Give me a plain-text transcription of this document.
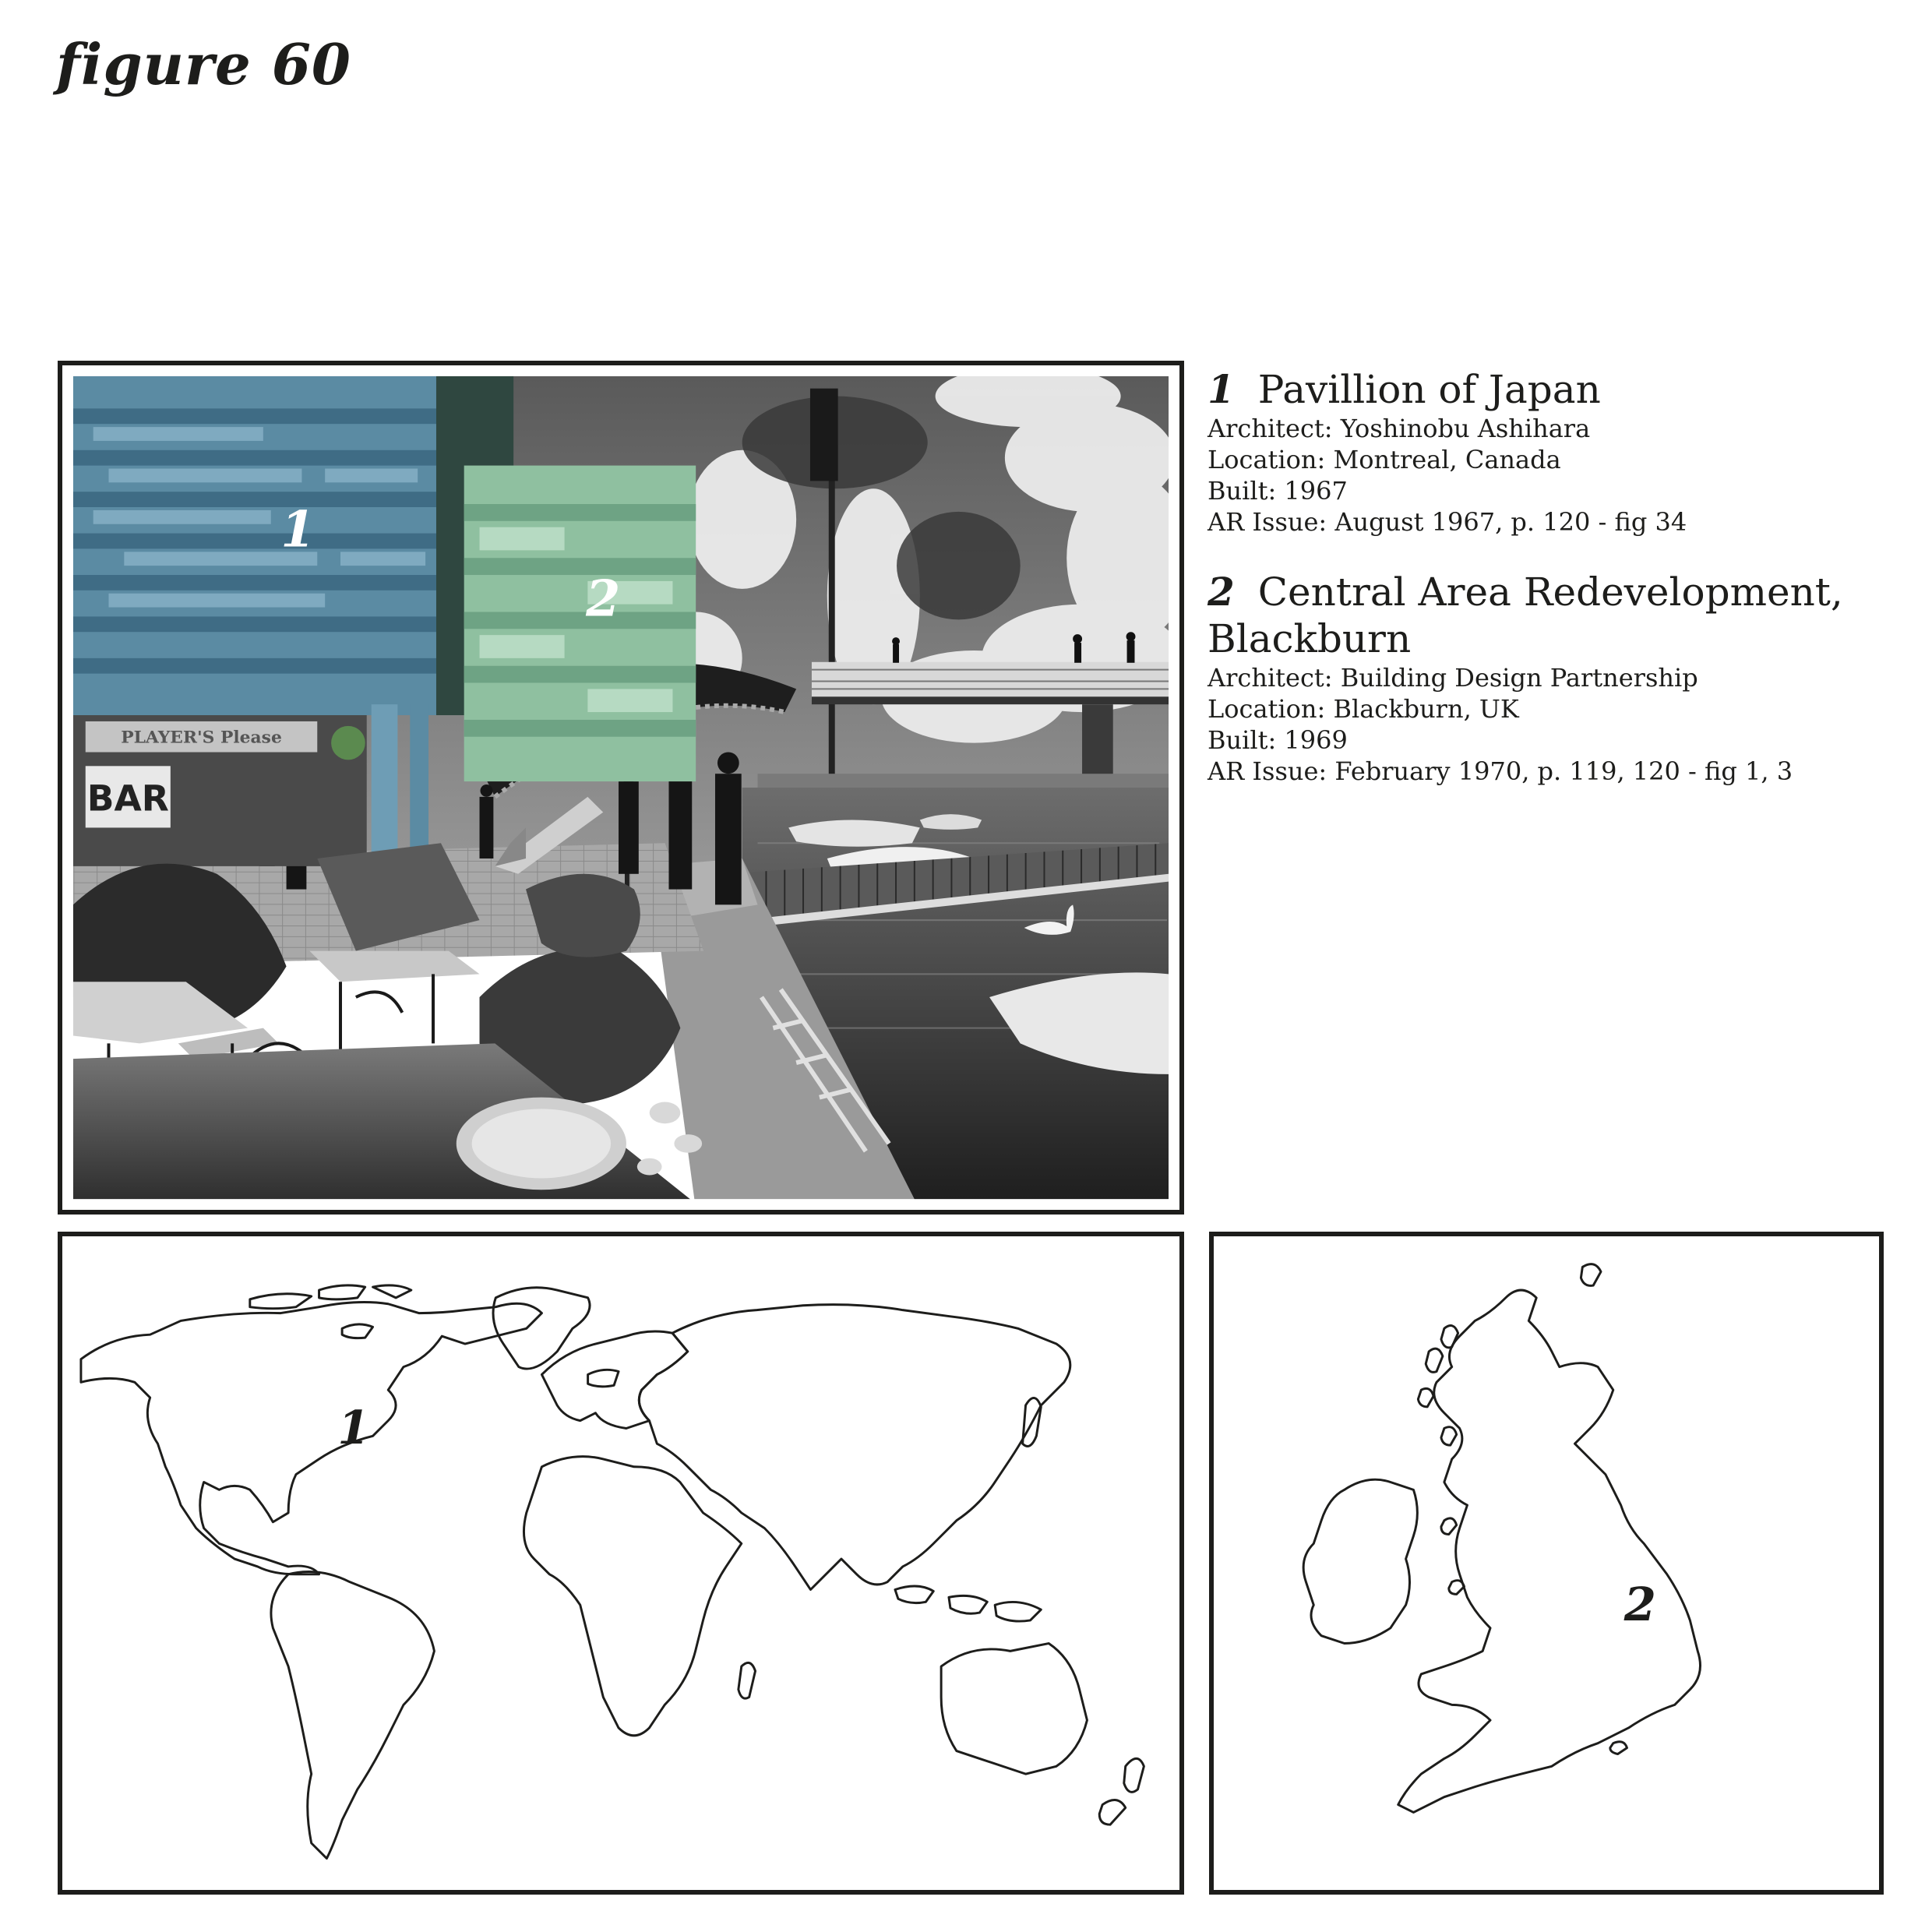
figure 60
PLAYER'S Please
BAR
1
2
1 Pavillion of Japan
Architect: Yoshinobu Ashihara
Location: Montreal, Canada
Built: 1967
AR Issue: August 1967, p. 120 - fig 34
2 Central Area Redevelopment, Blackburn
Architect: Building Design Partnership
Location: Blackburn, UK
Built: 1969
AR Issue: February 1970, p. 119, 120 - fig 1, 3
1
2
